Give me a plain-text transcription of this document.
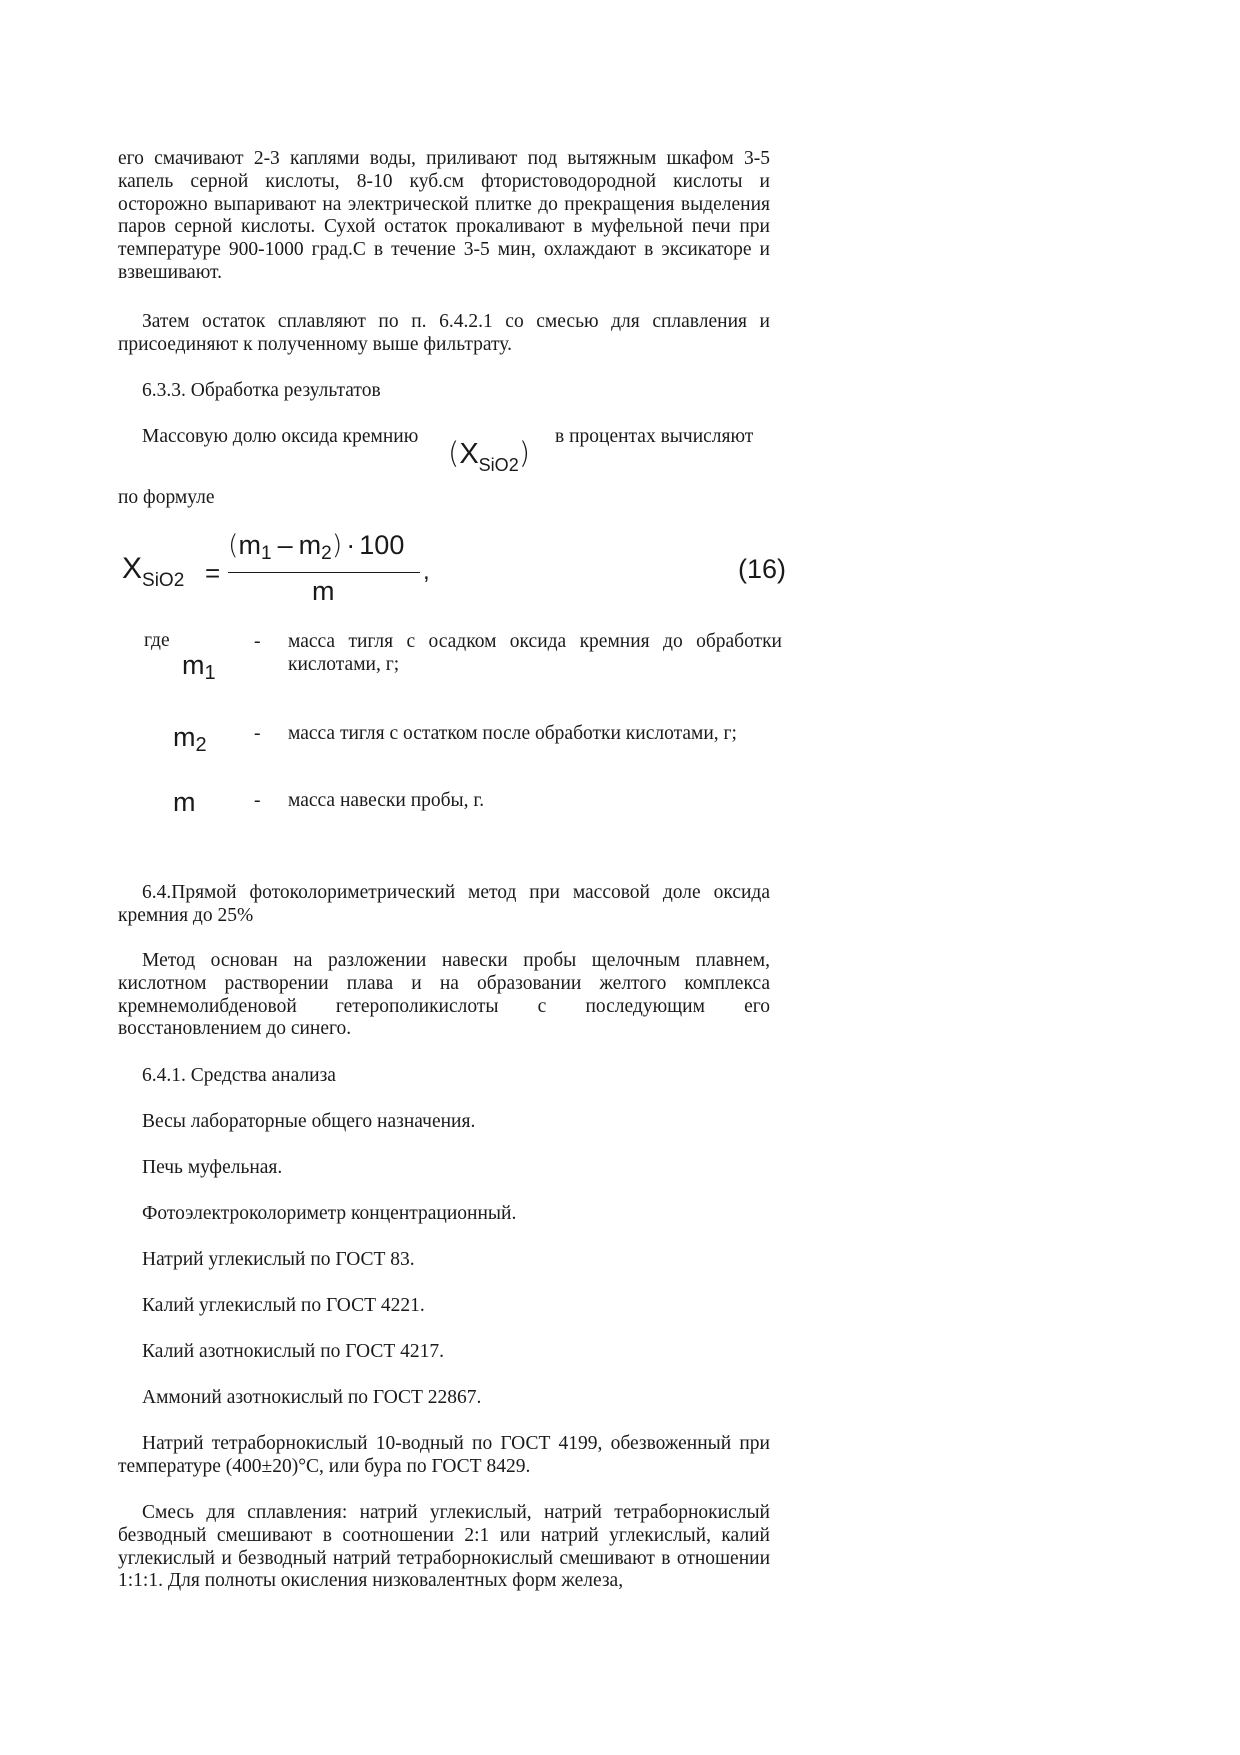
его смачивают 2-3 каплями воды, приливают под вытяжным шкафом 3-5 капель серной кислоты, 8-10 куб.см фтористоводородной кислоты и осторожно выпаривают на электрической плитке до прекращения выделения паров серной кислоты. Сухой остаток прокаливают в муфельной печи при температуре 900-1000 град.С в течение 3-5 мин, охлаждают в эксикаторе и взвешивают.

Затем остаток сплавляют по п. 6.4.2.1 со смесью для сплавления и присоединяют к полученному выше фильтрату.

6.3.3. Обработка результатов

Массовую долю оксида кремнию	в процентах вычисляют

$(X_{SiO2})$

по формуле

$X_{SiO2}$ =
(m1 – m2) · 100
m
,	(16)

где

m1
- масса тигля с осадком оксида кремния до обработки кислотами, г;
m2
- масса тигля с остатком после обработки кислотами, г;
m	- масса навески пробы, г.

6.4.Прямой фотоколориметрический метод при массовой доле оксида кремния до 25%

Метод основан на разложении навески пробы щелочным плавнем, кислотном растворении плава и на образовании желтого комплекса кремнемолибденовой гетерополикислоты с последующим его восстановлением до синего.

6.4.1. Средства анализа

Весы лабораторные общего назначения.

Печь муфельная.

Фотоэлектроколориметр концентрационный.

Натрий углекислый по ГОСТ 83.

Калий углекислый по ГОСТ 4221.

Калий азотнокислый по ГОСТ 4217.

Аммоний азотнокислый по ГОСТ 22867.

Натрий тетраборнокислый 10-водный по ГОСТ 4199, обезвоженный при температуре (400±20)°С, или бура по ГОСТ 8429.

Смесь для сплавления: натрий углекислый, натрий тетраборнокислый безводный смешивают в соотношении 2:1 или натрий углекислый, калий углекислый и безводный натрий тетраборнокислый смешивают в отношении 1:1:1. Для полноты окисления низковалентных форм железа,
